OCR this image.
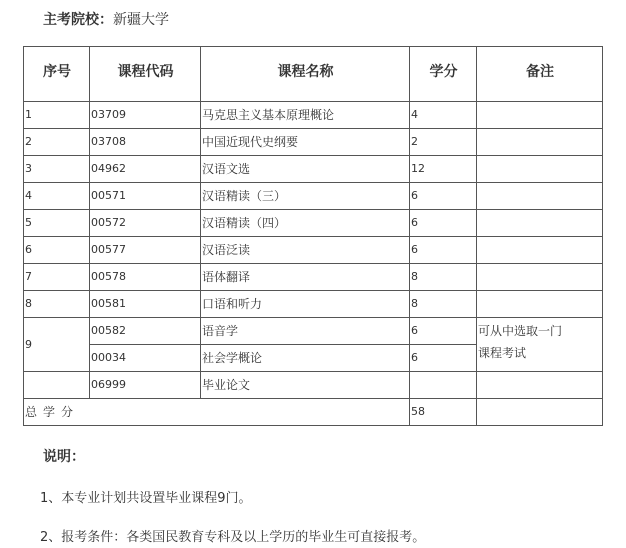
主考院校：新疆大学
序号	课程代码	课程名称	学分	备注
1	03709	马克思主义基本原理概论	4	
2	03708	中国近现代史纲要	2	
3	04962	汉语文选	12	
4	00571	汉语精读（三）	6	
5	00572	汉语精读（四）	6	
6	00577	汉语泛读	6	
7	00578	语体翻译	8	
8	00581	口语和听力	8	
9	00582	语音学	6	可从中选取一门
课程考试
	00034	社会学概论	6	
	06999	毕业论文		
总学分			58	
说明：
1、本专业计划共设置毕业课程9门。
2、报考条件：各类国民教育专科及以上学历的毕业生可直接报考。
